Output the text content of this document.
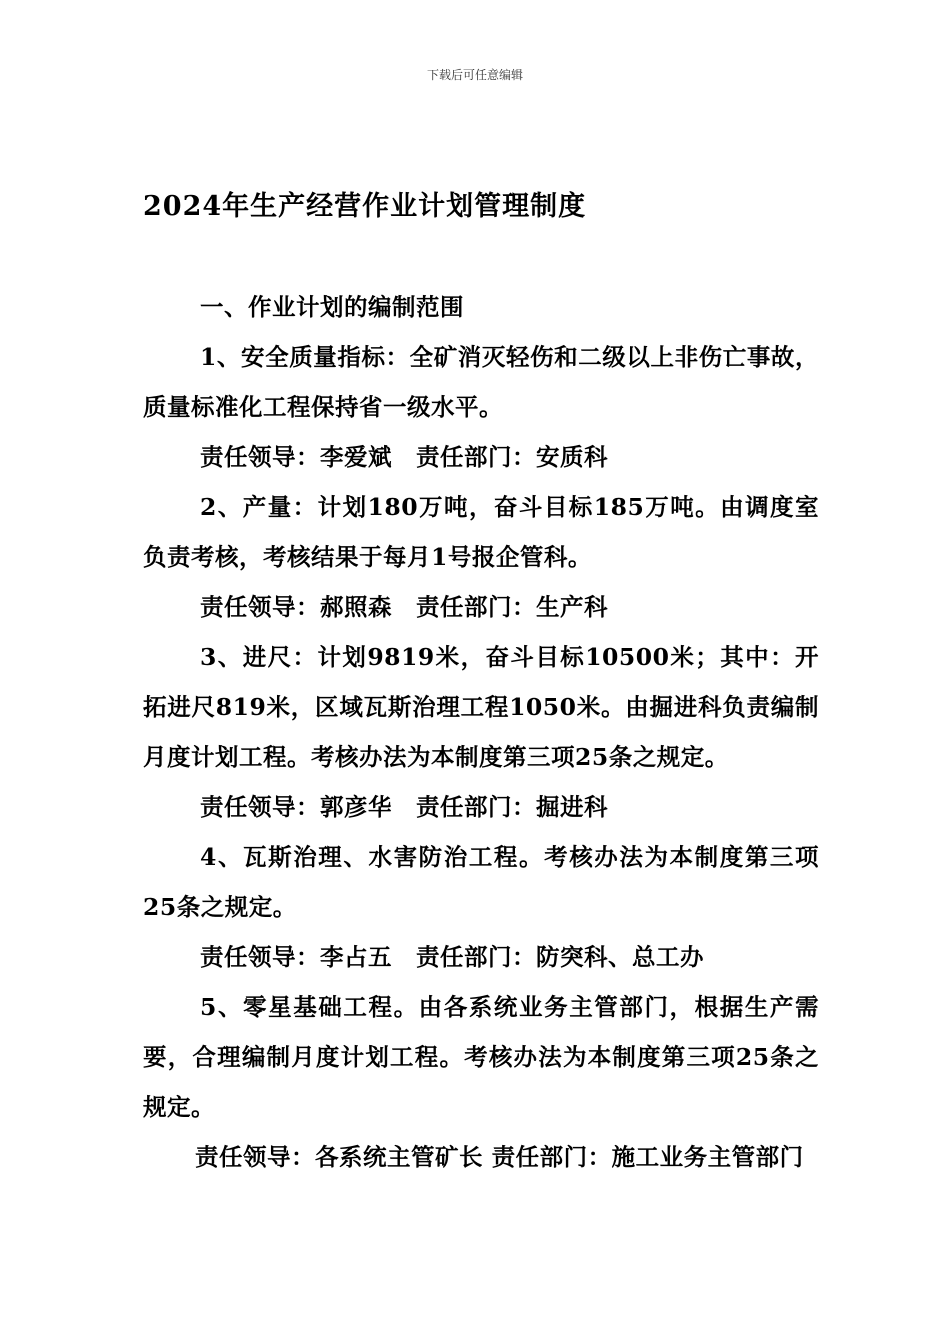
下载后可任意编辑
2024年生产经营作业计划管理制度

一、作业计划的编制范围

1、安全质量指标：全矿消灭轻伤和二级以上非伤亡事故，质量标准化工程保持省一级水平。

责任领导：李爱斌　责任部门：安质科

2、产量：计划180万吨，奋斗目标185万吨。由调度室负责考核，考核结果于每月1号报企管科。

责任领导：郝照森　责任部门：生产科

3、进尺：计划9819米，奋斗目标10500米；其中：开拓进尺819米，区域瓦斯治理工程1050米。由掘进科负责编制月度计划工程。考核办法为本制度第三项25条之规定。

责任领导：郭彦华　责任部门：掘进科

4、瓦斯治理、水害防治工程。考核办法为本制度第三项25条之规定。

责任领导：李占五　责任部门：防突科、总工办

5、零星基础工程。由各系统业务主管部门，根据生产需要，合理编制月度计划工程。考核办法为本制度第三项25条之规定。

责任领导：各系统主管矿长 责任部门：施工业务主管部门
